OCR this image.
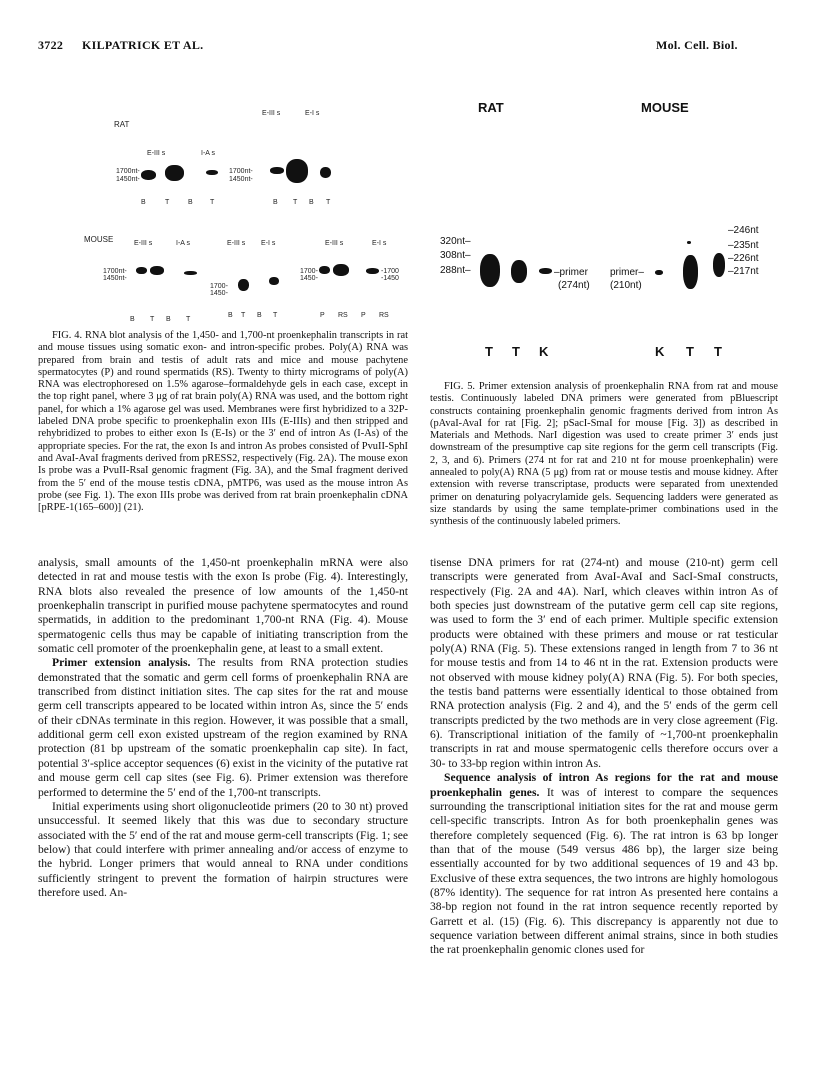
3722 KILPATRICK ET AL.	Mol. Cell. Biol.
RAT
E-III s	I-A s
E-III s	E-I s
1700nt-
1450nt-
1700nt-
1450nt-
B	T	B T	B T B T
MOUSE	E-III s	I-A s	E-III s E-I s	E-III s	E-I s
1700nt-
1450nt-
1700-
1450-
1700-
1450-
-1700
-1450
B T B T
B T B T	P RS P RS

FIG. 4. RNA blot analysis of the 1,450- and 1,700-nt proenkephalin transcripts in rat and mouse tissues using somatic exon- and intron-specific probes. Poly(A) RNA was prepared from brain and testis of adult rats and mice and mouse pachytene spermatocytes (P) and round spermatids (RS). Twenty to thirty micrograms of poly(A) RNA was electrophoresed on 1.5% agarose–formaldehyde gels in each case, except in the top right panel, where 3 μg of rat brain poly(A) RNA was used, and the bottom right panel, for which a 1% agarose gel was used. Membranes were first hybridized to a 32P-labeled DNA probe specific to proenkephalin exon IIIs (E-IIIs) and then stripped and rehybridized to probes to either exon Is (E-Is) or the 3′ end of intron As (I-As) of the appropriate species. For the rat, the exon Is and intron As probes consisted of PvuII-SphI and AvaI-AvaI fragments derived from pRESS2, respectively (Fig. 2A). The mouse exon Is probe was a PvuII-RsaI genomic fragment (Fig. 3A), and the SmaI fragment derived from the 5′ end of the mouse testis cDNA, pMTP6, was used as the mouse intron As probe (see Fig. 1). The exon IIIs probe was derived from rat brain proenkephalin cDNA [pRPE-1(165–600)] (21).

RAT	MOUSE
320nt–
308nt–
288nt–	–primer
(274nt)
primer–
(210nt)
–246nt
–235nt
–226nt
–217nt
T T K	K T T

FIG. 5. Primer extension analysis of proenkephalin RNA from rat and mouse testis. Continuously labeled DNA primers were generated from pBluescript constructs containing proenkephalin genomic fragments derived from intron As (pAvaI-AvaI for rat [Fig. 2]; pSacI-SmaI for mouse [Fig. 3]) as described in Materials and Methods. NarI digestion was used to create primer 3′ ends just downstream of the presumptive cap site regions for the germ cell transcripts (Fig. 2, 3, and 6). Primers (274 nt for rat and 210 nt for mouse proenkephalin) were annealed to poly(A) RNA (5 μg) from rat or mouse testis and mouse kidney. After extension with reverse transcriptase, products were separated from unextended primer on denaturing polyacrylamide gels. Sequencing ladders were generated as size standards by using the same template-primer combinations used in the synthesis of the continuously labeled primers.

analysis, small amounts of the 1,450-nt proenkephalin mRNA were also detected in rat and mouse testis with the exon Is probe (Fig. 4). Interestingly, RNA blots also revealed the presence of low amounts of the 1,450-nt proenkephalin transcript in purified mouse pachytene spermatocytes and round spermatids, in addition to the predominant 1,700-nt RNA (Fig. 4). Mouse spermatogenic cells thus may be capable of initiating transcription from the somatic cell promoter of the proenkephalin gene, at least to a small extent.

Primer extension analysis. The results from RNA protection studies demonstrated that the somatic and germ cell forms of proenkephalin RNA are transcribed from distinct initiation sites. The cap sites for the rat and mouse germ cell transcripts appeared to be located within intron As, since the 5′ ends of their cDNAs terminate in this region. However, it was possible that a small, additional germ cell exon existed upstream of the region examined by RNA protection (81 bp upstream of the somatic proenkephalin cap site). In fact, potential 3′-splice acceptor sequences (6) exist in the vicinity of the putative rat and mouse germ cell cap sites (see Fig. 6). Primer extension was therefore performed to determine the 5′ end of the 1,700-nt transcripts.

Initial experiments using short oligonucleotide primers (20 to 30 nt) proved unsuccessful. It seemed likely that this was due to secondary structure associated with the 5′ end of the rat and mouse germ-cell transcripts (Fig. 1; see below) that could interfere with primer annealing and/or access of enzyme to the hybrid. Longer primers that would anneal to RNA under conditions sufficiently stringent to prevent the formation of hairpin structures were therefore used. An-

tisense DNA primers for rat (274-nt) and mouse (210-nt) germ cell transcripts were generated from AvaI-AvaI and SacI-SmaI constructs, respectively (Fig. 2A and 4A). NarI, which cleaves within intron As of both species just downstream of the putative germ cell cap site regions, was used to form the 3′ end of each primer. Multiple specific extension products were obtained with these primers and mouse or rat testicular poly(A) RNA (Fig. 5). These extensions ranged in length from 7 to 36 nt for mouse testis and from 14 to 46 nt in the rat. Extension products were not observed with mouse kidney poly(A) RNA (Fig. 5). For both species, the testis band patterns were essentially identical to those obtained from RNA protection analysis (Fig. 2 and 4), and the 5′ ends of the germ cell transcripts predicted by the two methods are in very close agreement (Fig. 6). Transcriptional initiation of the family of ~1,700-nt proenkephalin transcripts in rat and mouse spermatogenic cells therefore occurs over a 30- to 33-bp region within intron As.

Sequence analysis of intron As regions for the rat and mouse proenkephalin genes. It was of interest to compare the sequences surrounding the transcriptional initiation sites for the rat and mouse germ cell-specific transcripts. Intron As for both proenkephalin genes was therefore completely sequenced (Fig. 6). The rat intron is 63 bp longer than that of the mouse (549 versus 486 bp), the larger size being essentially accounted for by two additional sequences of 19 and 43 bp. Exclusive of these extra sequences, the two introns are highly homologous (87% identity). The sequence for rat intron As presented here contains a 38-bp region not found in the rat intron sequence recently reported by Garrett et al. (15) (Fig. 6). This discrepancy is apparently not due to sequence variation between different animal strains, since in both studies the rat proenkephalin genomic clones used for
